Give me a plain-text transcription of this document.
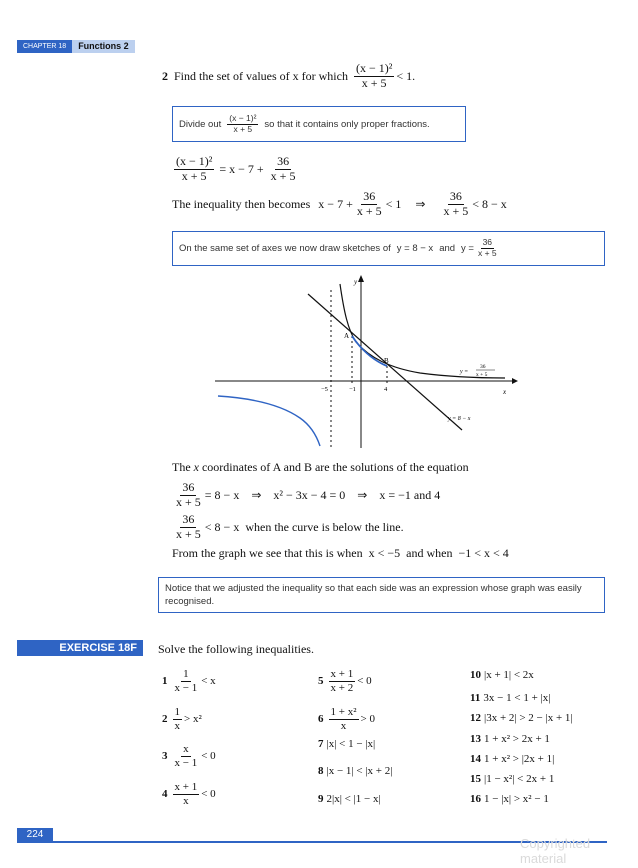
CHAPTER 18	Functions 2
2 Find the set of values of x for which $\frac{\text{(x − 1)²}}{x + 5} < 1$.
Divide out $\frac{\text{(x − 1)²}}{x + 5}$ so that it contains only proper fractions.
$\frac{\text{(x − 1)²}}{x + 5} = x - 7 + \frac{36}{x + 5}$
The inequality then becomes $x - 7 + \frac{36}{x + 5} < 1$ ⇒ $\frac{36}{x + 5} < 8 - x$
On the same set of axes we now draw sketches of y = 8 − x and $y = \frac{36}{x + 5}$
y
x
A
B
−5	−1	4
y =
36
x + 5
y = 8 − x
The x coordinates of A and B are the solutions of the equation
$\frac{36}{x + 5} = 8 - x$ ⇒ x² − 3x − 4 = 0 ⇒ x = −1 and 4
$\frac{36}{x + 5} < 8 - x$ when the curve is below the line.
From the graph we see that this is when  x < −5  and when  −1 < x < 4
Notice that we adjusted the inequality so that each side was an expression whose graph was easily recognised.
EXERCISE 18F	Solve the following inequalities.
$1 \frac{1}{x - 1} < x$
$2 \frac{1}{x} > x^2$
$3 \frac{x}{x - 1} < 0$
$4 \frac{x + 1}{x} < 0$
$5 \frac{x + 1}{x + 2} < 0$
$6 \frac{\text{1 + x²}}{x} > 0$
7 |x| < 1 − |x|
8 |x − 1| < |x + 2|
9 2|x| < |1 − x|
10 |x + 1| < 2x
11 3x − 1 < 1 + |x|
12 |3x + 2| > 2 − |x + 1|
13 1 + x² > 2x + 1
14 1 + x² > |2x + 1|
15 |1 − x²| < 2x + 1
16 1 − |x| > x² − 1
224
Copyrighted material
